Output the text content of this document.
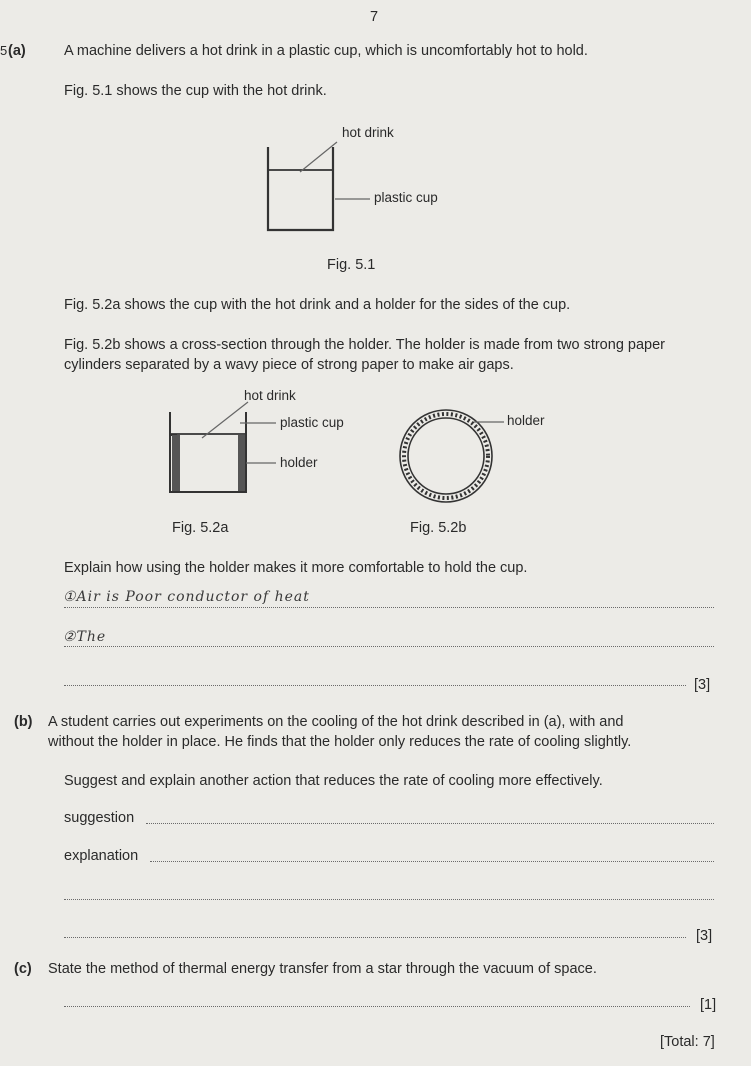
7
5 (a)	A machine delivers a hot drink in a plastic cup, which is uncomfortably hot to hold.
Fig. 5.1 shows the cup with the hot drink.
hot drink
plastic cup
Fig. 5.1
Fig. 5.2a shows the cup with the hot drink and a holder for the sides of the cup.
Fig. 5.2b shows a cross-section through the holder. The holder is made from two strong paper
cylinders separated by a wavy piece of strong paper to make air gaps.
hot drink
plastic cup
holder
Fig. 5.2a
holder
Fig. 5.2b
Explain how using the holder makes it more comfortable to hold the cup.
①Air is Poor conductor of heat
②The
[3]
(b) A student carries out experiments on the cooling of the hot drink described in (a), with and
without the holder in place. He finds that the holder only reduces the rate of cooling slightly.
Suggest and explain another action that reduces the rate of cooling more effectively.
suggestion
explanation
[3]
(c) State the method of thermal energy transfer from a star through the vacuum of space.
[1]
[Total: 7]
